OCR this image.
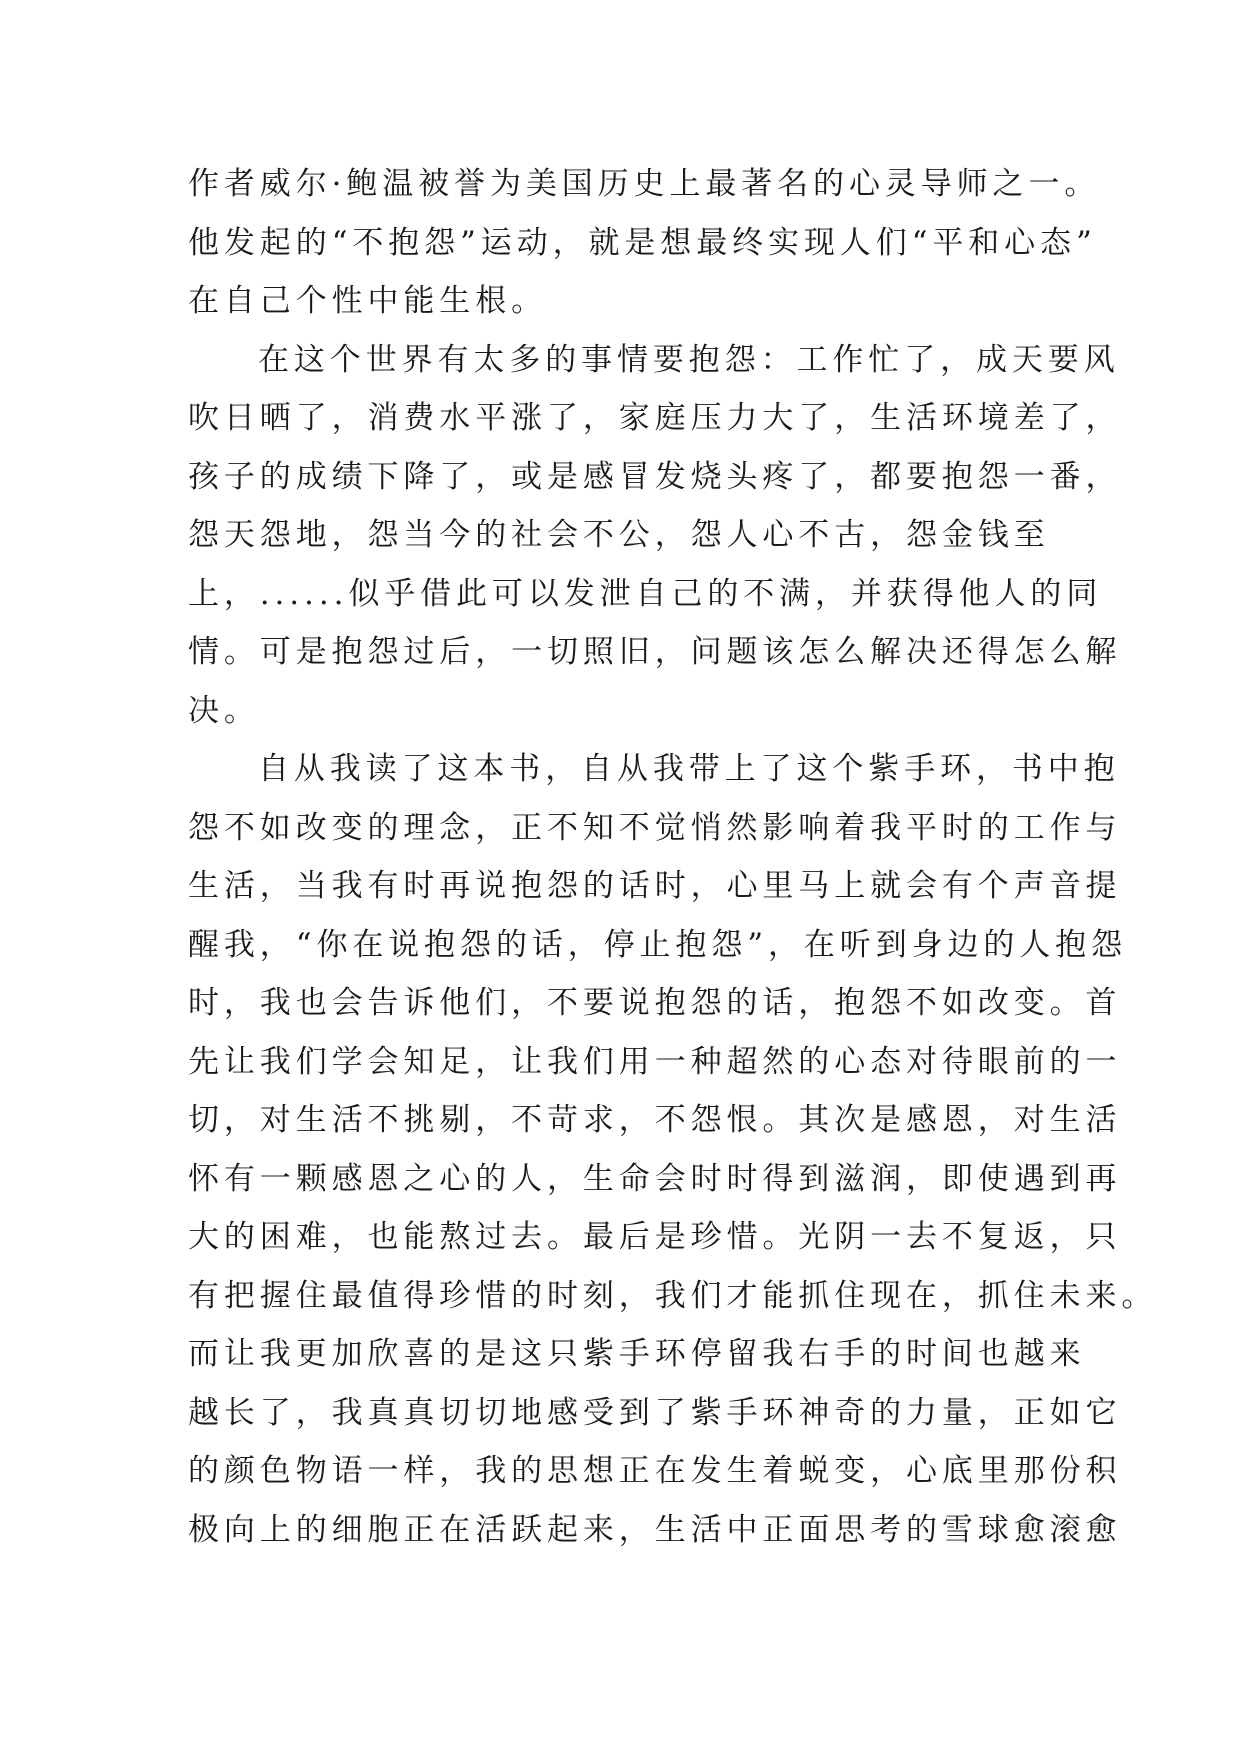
作者威尔·鲍温被誉为美国历史上最著名的心灵导师之一。
他发起的“不抱怨”运动，就是想最终实现人们“平和心态”
在自己个性中能生根。
在这个世界有太多的事情要抱怨：工作忙了，成天要风
吹日晒了，消费水平涨了，家庭压力大了，生活环境差了，
孩子的成绩下降了，或是感冒发烧头疼了，都要抱怨一番，
怨天怨地，怨当今的社会不公，怨人心不古，怨金钱至
上，......似乎借此可以发泄自己的不满，并获得他人的同
情。可是抱怨过后，一切照旧，问题该怎么解决还得怎么解
决。
自从我读了这本书，自从我带上了这个紫手环，书中抱
怨不如改变的理念，正不知不觉悄然影响着我平时的工作与
生活，当我有时再说抱怨的话时，心里马上就会有个声音提
醒我，“你在说抱怨的话，停止抱怨”，在听到身边的人抱怨
时，我也会告诉他们，不要说抱怨的话，抱怨不如改变。首
先让我们学会知足，让我们用一种超然的心态对待眼前的一
切，对生活不挑剔，不苛求，不怨恨。其次是感恩，对生活
怀有一颗感恩之心的人，生命会时时得到滋润，即使遇到再
大的困难，也能熬过去。最后是珍惜。光阴一去不复返，只
有把握住最值得珍惜的时刻，我们才能抓住现在，抓住未来。
而让我更加欣喜的是这只紫手环停留我右手的时间也越来
越长了，我真真切切地感受到了紫手环神奇的力量，正如它
的颜色物语一样，我的思想正在发生着蜕变，心底里那份积
极向上的细胞正在活跃起来，生活中正面思考的雪球愈滚愈
